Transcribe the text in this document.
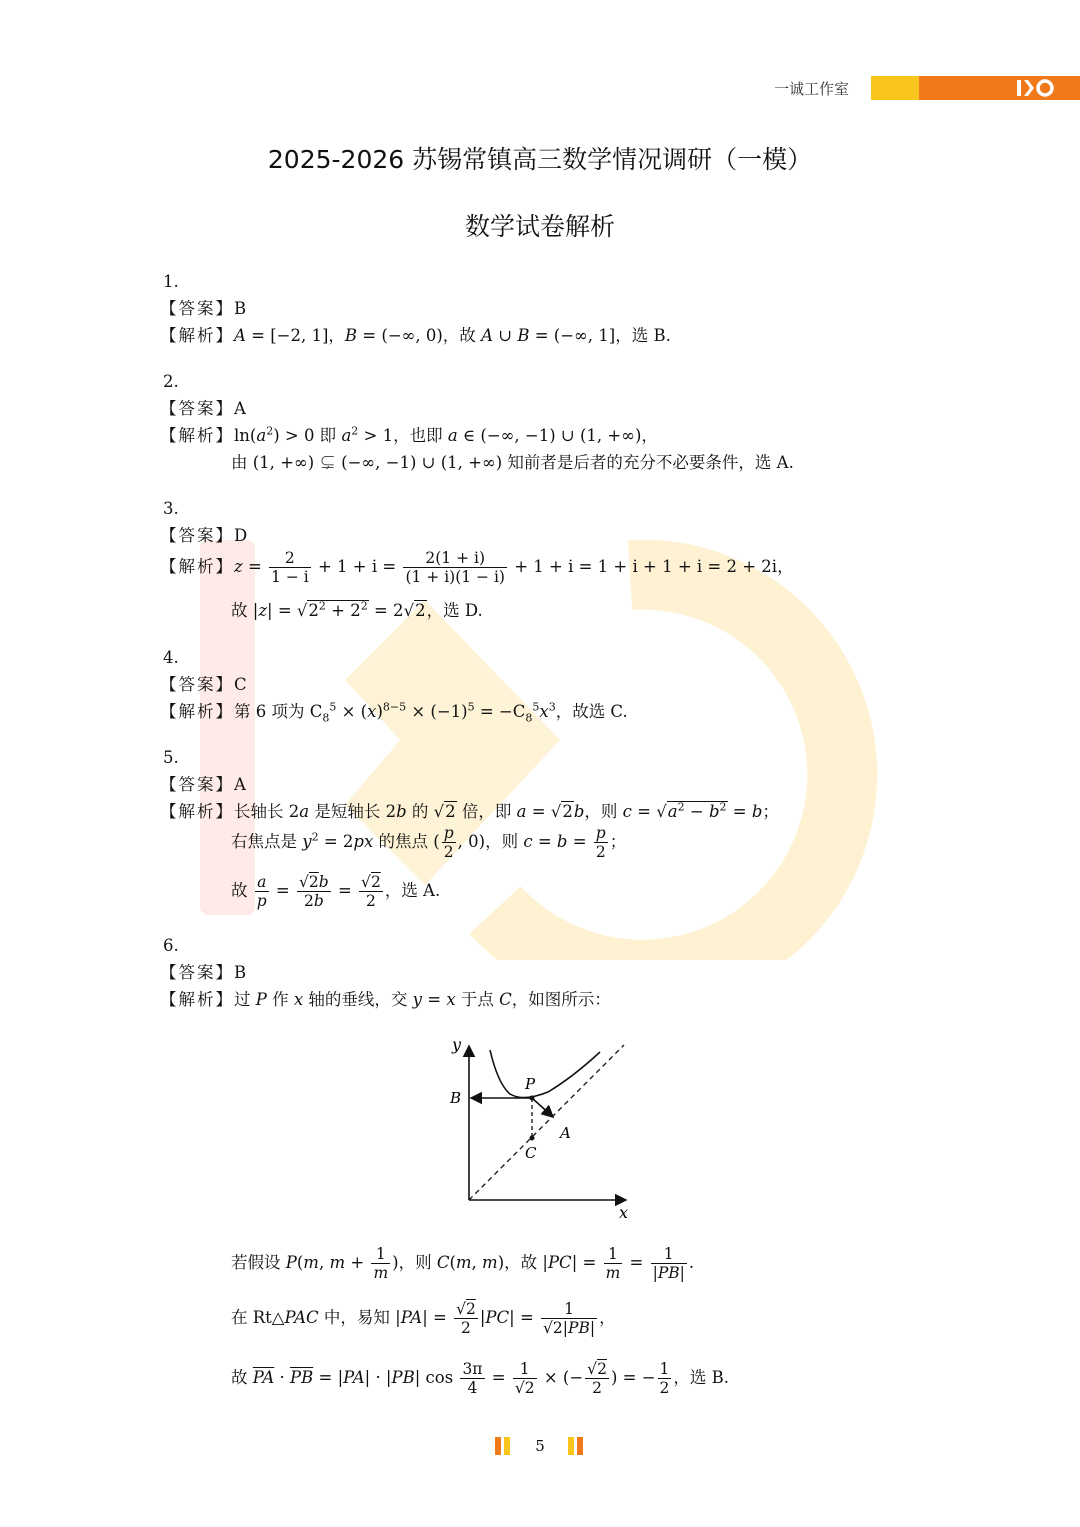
一诚工作室
2025-2026 苏锡常镇高三数学情况调研（一模）
数学试卷解析
1.
【答案】B
【解析】A = [−2, 1]，B = (−∞, 0)，故 A ∪ B = (−∞, 1]，选 B.
2.
【答案】A
【解析】$\ln(a^2) > 0$ 即 $a^2 > 1$，也即 a ∈ (−∞, −1) ∪ (1, +∞)，
由 (1, +∞) ⊊ (−∞, −1) ∪ (1, +∞) 知前者是后者的充分不必要条件，选 A.
3.
【答案】D
【解析】$z = \frac{2}{1 - i} + 1 + i = \frac{2(1 + i)}{(1 + i)(1 - i)} + 1 + i = 1 + i + 1 + i = 2 + 2i$，
故 $|z| = √2^2 + 2^2 = 2√2$，选 D.
4.
【答案】C
【解析】第 6 项为 $C_8^5 \times (x)^{8-5} \times (-1)^5 = -C_8^5x^3$，故选 C.
5.
【答案】A
【解析】长轴长 2a 是短轴长 2b 的 √2 倍，即 a = √2b，则 $c = √a^2 - b^2 = b$；
右焦点是 $y^2 = 2px$ 的焦点 ( $\frac{p}{2}$ , 0)，则 $c = b = \frac{p}{2}$ ；
故 $\frac{a}{p} = \frac{√2b}{2b} = \frac{√2}{2}$ ，选 A.
6.
【答案】B
【解析】过 P 作 x 轴的垂线，交 y = x 于点 C，如图所示：
y
x
P
B
A
C
若假设 P(m, $m + \frac{1}{m}$ )，则 C(m, m)，故 $|PC| = \frac{1}{m} = \frac{1}{|PB|}$ .
在 Rt△PAC 中，易知 $|PA| = \frac{√2}{2} |PC| = \frac{1}{√2|PB|}$ ，
故 $\overline{PA} \cdot \overline{PB} = |PA| \cdot |PB|$ $\cos \frac{3\pi}{4} = \frac{1}{√2}$ × (− $\frac{√2}{2}$ ) = − $\frac{1}{2}$ ，选 B.
5
